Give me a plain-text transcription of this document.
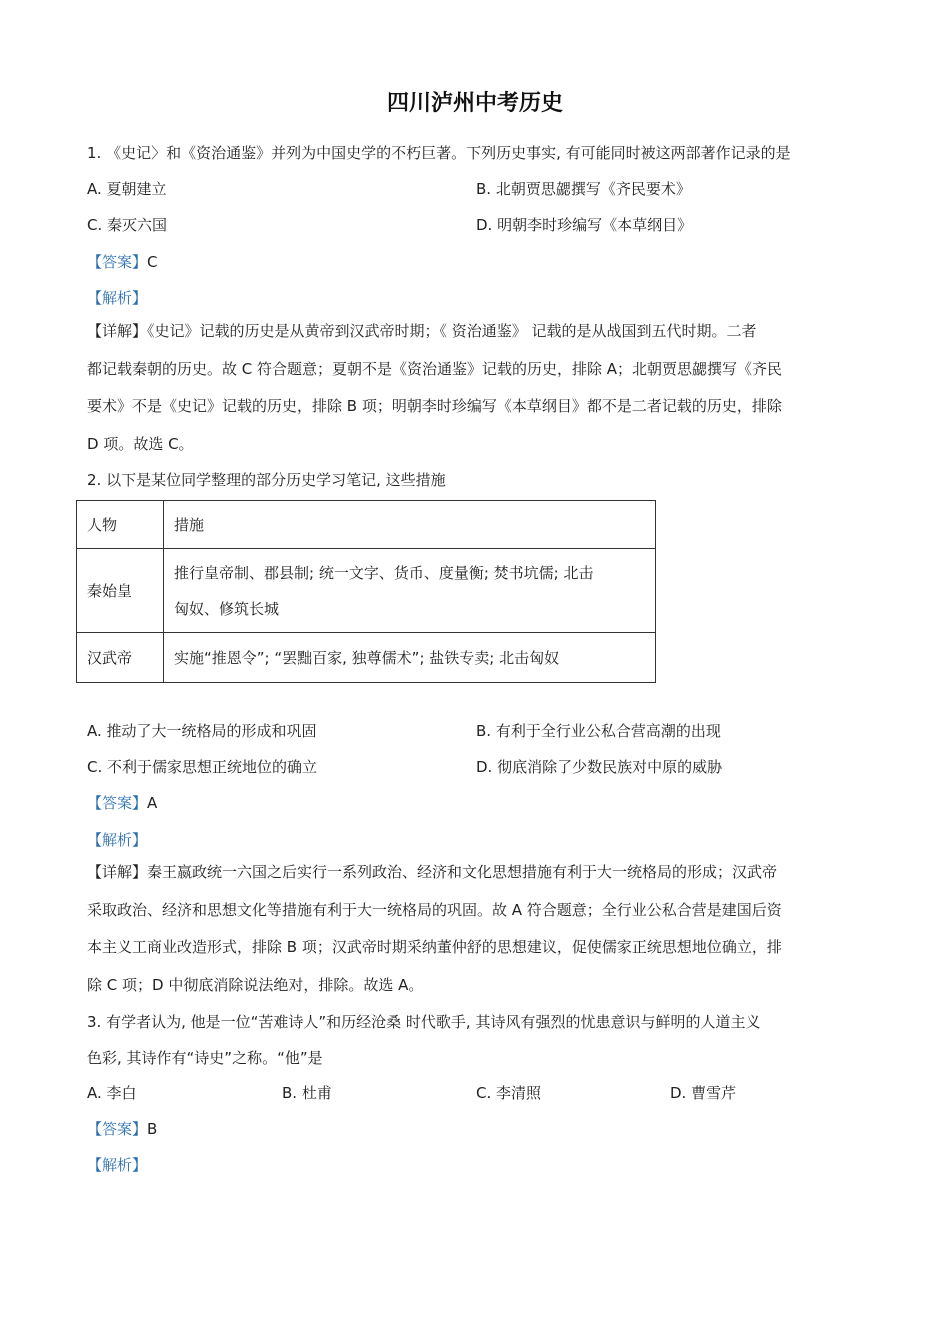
四川泸州中考历史
1. 《史记〉和《资治通鉴》并列为中国史学的不朽巨著。下列历史事实, 有可能同时被这两部著作记录的是
A. 夏朝建立	B. 北朝贾思勰撰写《齐民要术》
C. 秦灭六国	D. 明朝李时珍编写《本草纲目》
【答案】C
【解析】
【详解】《史记》记载的历史是从黄帝到汉武帝时期；《 资治通鉴》 记载的是从战国到五代时期。二者
都记载秦朝的历史。故 C 符合题意；夏朝不是《资治通鉴》记载的历史，排除 A；北朝贾思勰撰写《齐民
要术》不是《史记》记载的历史，排除 B 项；明朝李时珍编写《本草纲目》都不是二者记载的历史，排除
D 项。故选 C。
2. 以下是某位同学整理的部分历史学习笔记, 这些措施
人物	措施
秦始皇	推行皇帝制、郡县制; 统一文字、货币、度量衡; 焚书坑儒; 北击
匈奴、修筑长城

汉武帝	实施“推恩令”; “罢黜百家, 独尊儒术”; 盐铁专卖; 北击匈奴
A. 推动了大一统格局的形成和巩固	B. 有利于全行业公私合营高潮的出现
C. 不利于儒家思想正统地位的确立	D. 彻底消除了少数民族对中原的威胁
【答案】A
【解析】
【详解】秦王嬴政统一六国之后实行一系列政治、经济和文化思想措施有利于大一统格局的形成；汉武帝
采取政治、经济和思想文化等措施有利于大一统格局的巩固。故 A 符合题意；全行业公私合营是建国后资
本主义工商业改造形式，排除 B 项；汉武帝时期采纳董仲舒的思想建议，促使儒家正统思想地位确立，排
除 C 项；D 中彻底消除说法绝对，排除。故选 A。
3. 有学者认为, 他是一位“苦难诗人”和历经沧桑 时代歌手, 其诗风有强烈的忧患意识与鲜明的人道主义
色彩, 其诗作有“诗史”之称。“他”是
A. 李白	B. 杜甫	C. 李清照	D. 曹雪芹
【答案】B
【解析】
